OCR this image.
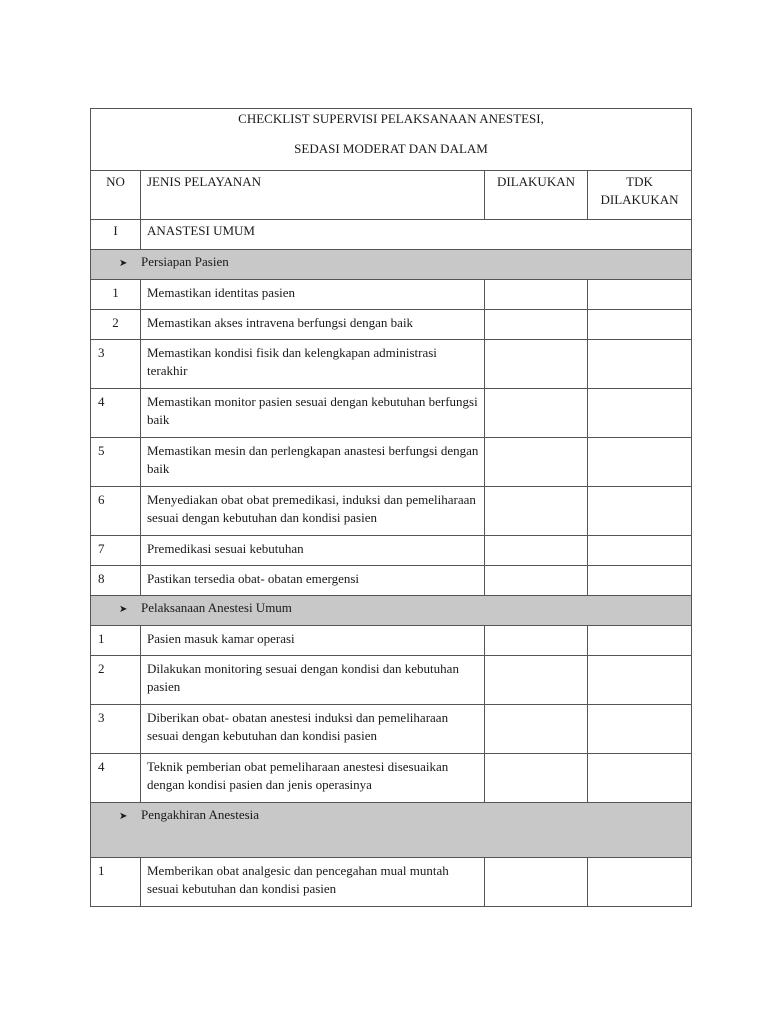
CHECKLIST SUPERVISI PELAKSANAAN ANESTESI,
SEDASI MODERAT DAN DALAM			

NO	JENIS PELAYANAN	DILAKUKAN	TDK
DILAKUKAN
I	ANASTESI UMUM		
➤ Persiapan Pasien			
1	Memastikan identitas pasien		
2	Memastikan akses intravena berfungsi dengan baik		
3	Memastikan kondisi fisik dan kelengkapan administrasi terakhir		
4	Memastikan monitor pasien sesuai dengan kebutuhan berfungsi baik		
5	Memastikan mesin dan perlengkapan anastesi berfungsi dengan baik		
6	Menyediakan obat obat premedikasi, induksi dan pemeliharaan sesuai dengan kebutuhan dan kondisi pasien		
7	Premedikasi sesuai kebutuhan		
8	Pastikan tersedia obat- obatan emergensi		
➤ Pelaksanaan Anestesi Umum			
1	Pasien masuk kamar operasi		
2	Dilakukan monitoring sesuai dengan kondisi dan kebutuhan pasien		
3	Diberikan obat- obatan anestesi induksi dan pemeliharaan sesuai dengan kebutuhan dan kondisi pasien		
4	Teknik pemberian obat pemeliharaan anestesi disesuaikan dengan kondisi pasien dan jenis operasinya		
➤ Pengakhiran Anestesia			
1	Memberikan obat analgesic dan pencegahan mual muntah sesuai kebutuhan dan kondisi pasien		
